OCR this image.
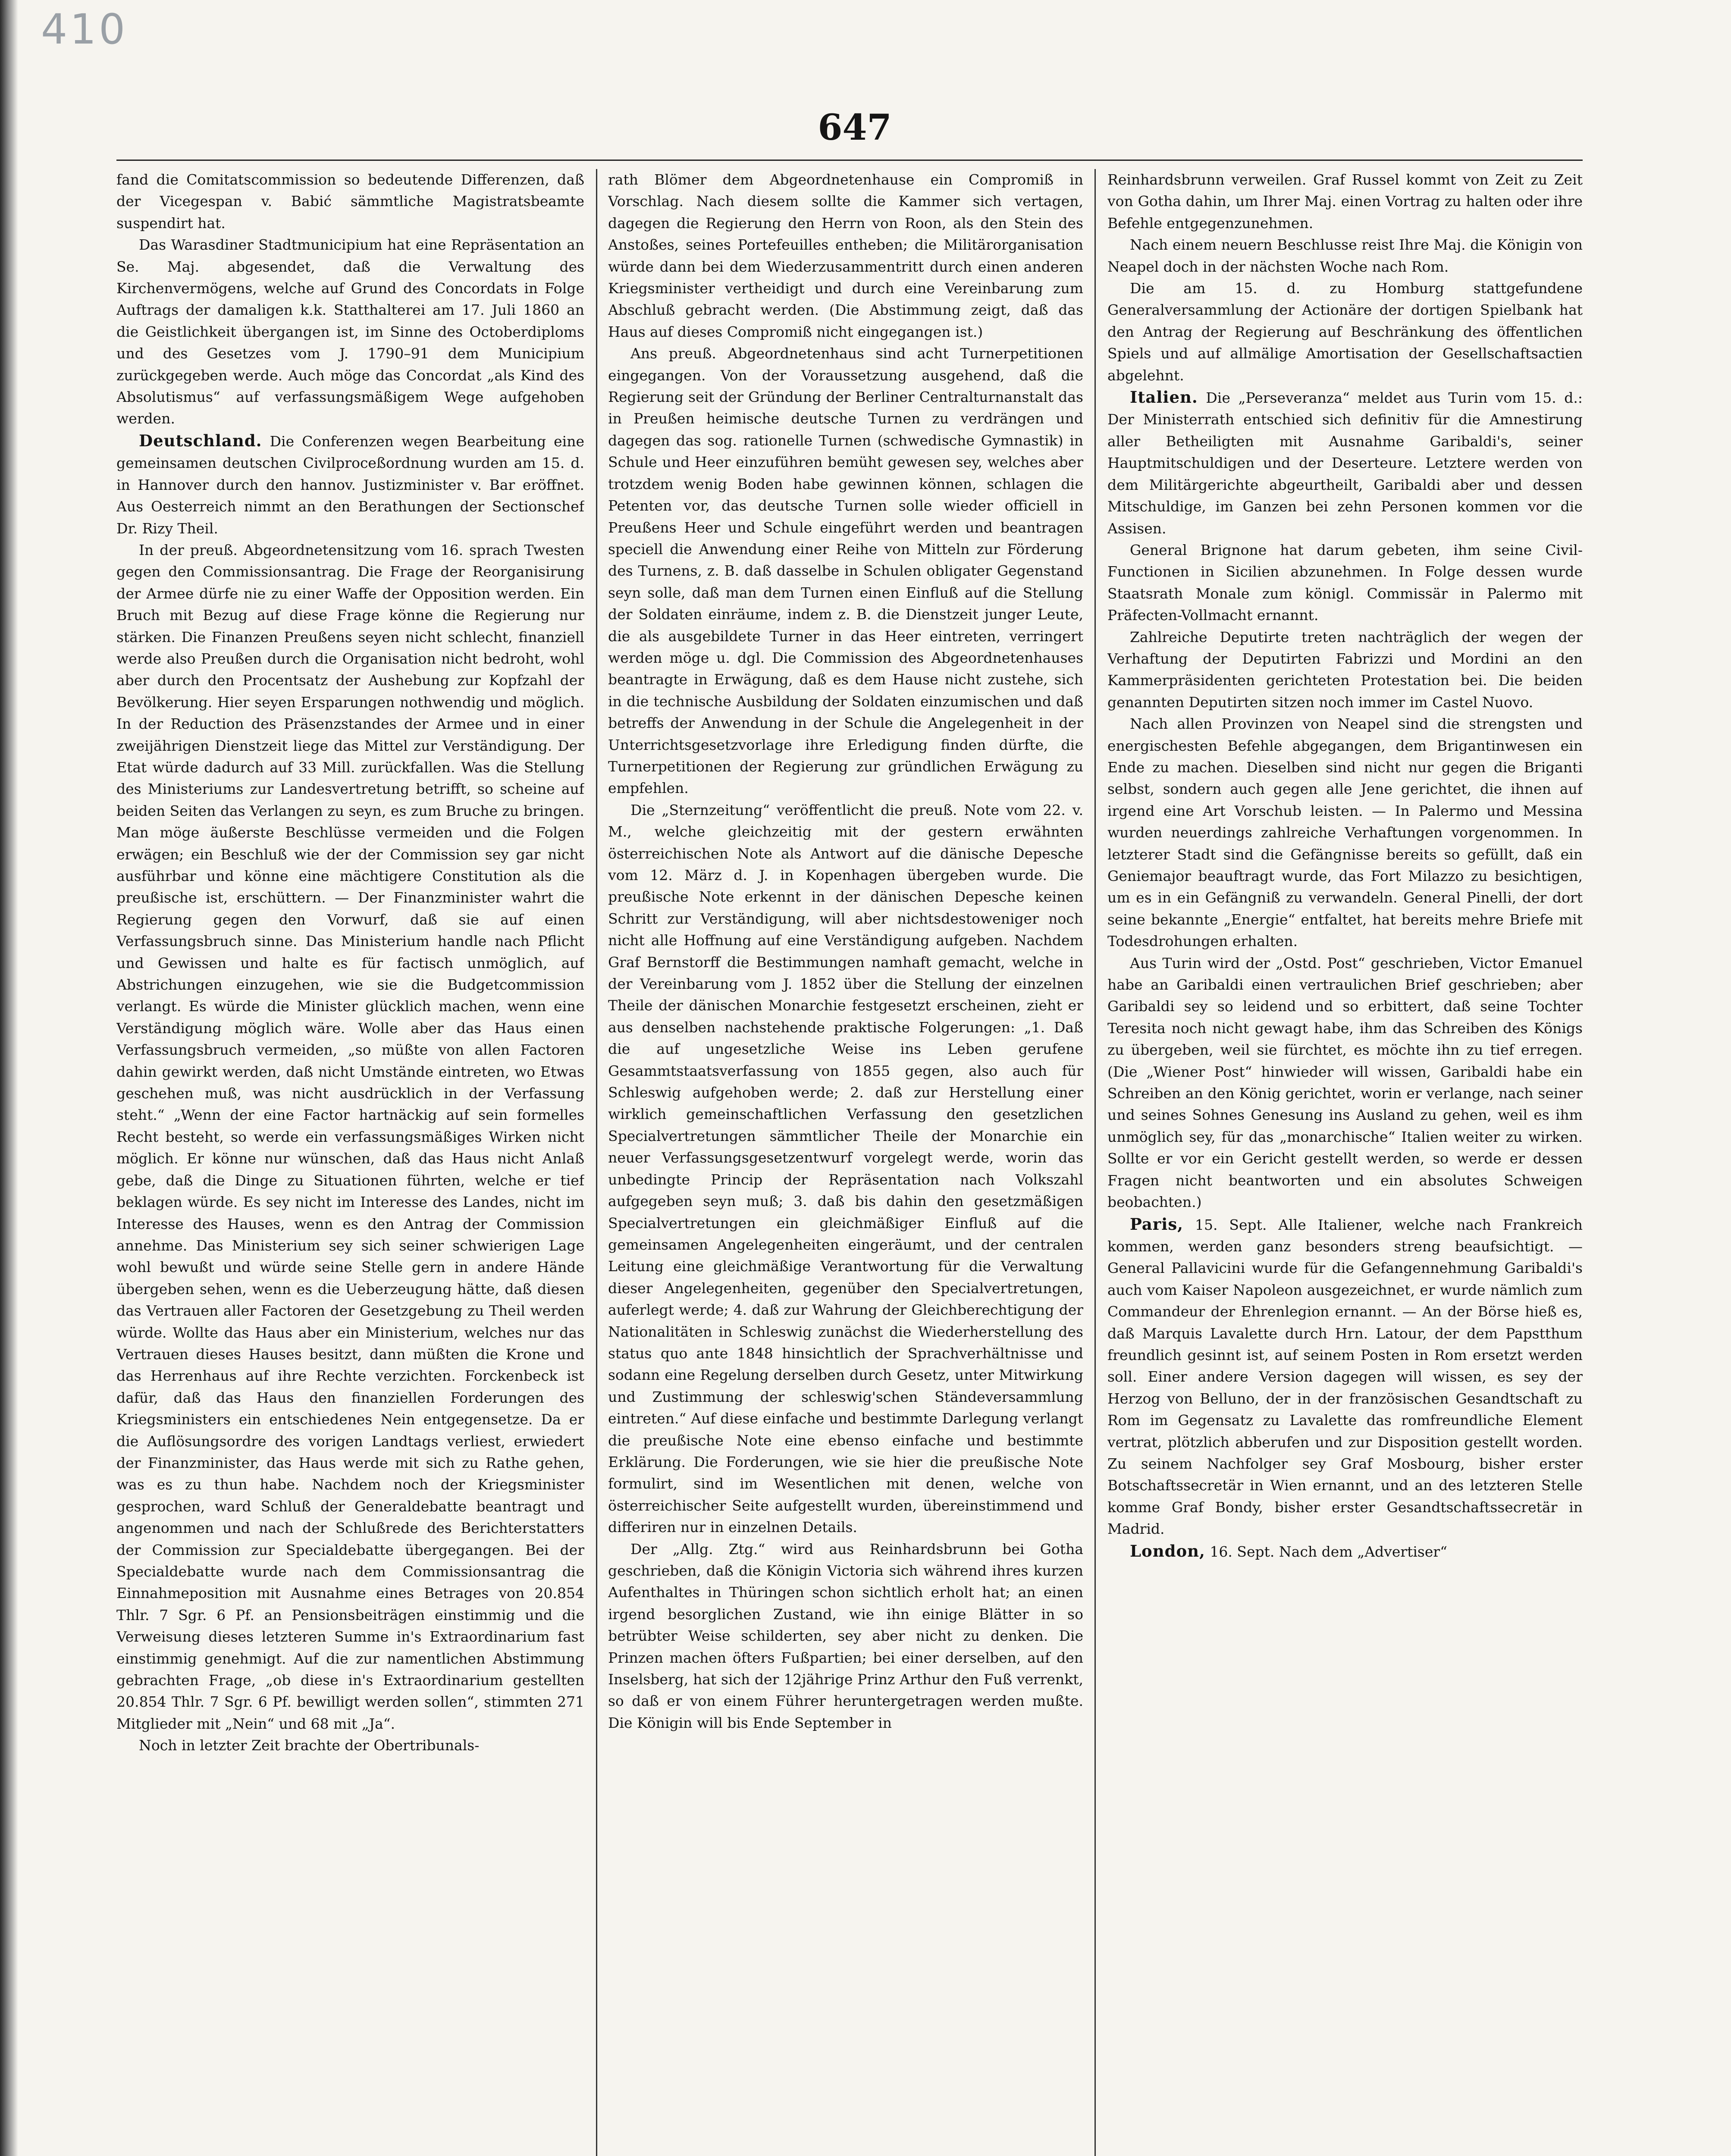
410
647

fand die Comitatscommission so bedeutende Differenzen, daß der Vicegespan v. Babić sämmtliche Magistratsbeamte suspendirt hat.

Das Warasdiner Stadtmunicipium hat eine Repräsentation an Se. Maj. abgesendet, daß die Verwaltung des Kirchenvermögens, welche auf Grund des Concordats in Folge Auftrags der damaligen k.k. Statthalterei am 17. Juli 1860 an die Geistlichkeit übergangen ist, im Sinne des Octoberdiploms und des Gesetzes vom J. 1790–91 dem Municipium zurückgegeben werde. Auch möge das Concordat „als Kind des Absolutismus“ auf verfassungsmäßigem Wege aufgehoben werden.

Deutschland. Die Conferenzen wegen Bearbeitung eine gemeinsamen deutschen Civilproceßordnung wurden am 15. d. in Hannover durch den hannov. Justizminister v. Bar eröffnet. Aus Oesterreich nimmt an den Berathungen der Sectionschef Dr. Rizy Theil.

In der preuß. Abgeordnetensitzung vom 16. sprach Twesten gegen den Commissionsantrag. Die Frage der Reorganisirung der Armee dürfe nie zu einer Waffe der Opposition werden. Ein Bruch mit Bezug auf diese Frage könne die Regierung nur stärken. Die Finanzen Preußens seyen nicht schlecht, finanziell werde also Preußen durch die Organisation nicht bedroht, wohl aber durch den Procentsatz der Aushebung zur Kopfzahl der Bevölkerung. Hier seyen Ersparungen nothwendig und möglich. In der Reduction des Präsenzstandes der Armee und in einer zweijährigen Dienstzeit liege das Mittel zur Verständigung. Der Etat würde dadurch auf 33 Mill. zurückfallen. Was die Stellung des Ministeriums zur Landesvertretung betrifft, so scheine auf beiden Seiten das Verlangen zu seyn, es zum Bruche zu bringen. Man möge äußerste Beschlüsse vermeiden und die Folgen erwägen; ein Beschluß wie der der Commission sey gar nicht ausführbar und könne eine mächtigere Constitution als die preußische ist, erschüttern. — Der Finanzminister wahrt die Regierung gegen den Vorwurf, daß sie auf einen Verfassungsbruch sinne. Das Ministerium handle nach Pflicht und Gewissen und halte es für factisch unmöglich, auf Abstrichungen einzugehen, wie sie die Budgetcommission verlangt. Es würde die Minister glücklich machen, wenn eine Verständigung möglich wäre. Wolle aber das Haus einen Verfassungsbruch vermeiden, „so müßte von allen Factoren dahin gewirkt werden, daß nicht Umstände eintreten, wo Etwas geschehen muß, was nicht ausdrücklich in der Verfassung steht.“ „Wenn der eine Factor hartnäckig auf sein formelles Recht besteht, so werde ein verfassungsmäßiges Wirken nicht möglich. Er könne nur wünschen, daß das Haus nicht Anlaß gebe, daß die Dinge zu Situationen führten, welche er tief beklagen würde. Es sey nicht im Interesse des Landes, nicht im Interesse des Hauses, wenn es den Antrag der Commission annehme. Das Ministerium sey sich seiner schwierigen Lage wohl bewußt und würde seine Stelle gern in andere Hände übergeben sehen, wenn es die Ueberzeugung hätte, daß diesen das Vertrauen aller Factoren der Gesetzgebung zu Theil werden würde. Wollte das Haus aber ein Ministerium, welches nur das Vertrauen dieses Hauses besitzt, dann müßten die Krone und das Herrenhaus auf ihre Rechte verzichten. Forckenbeck ist dafür, daß das Haus den finanziellen Forderungen des Kriegsministers ein entschiedenes Nein entgegensetze. Da er die Auflösungsordre des vorigen Landtags verliest, erwiedert der Finanzminister, das Haus werde mit sich zu Rathe gehen, was es zu thun habe. Nachdem noch der Kriegsminister gesprochen, ward Schluß der Generaldebatte beantragt und angenommen und nach der Schlußrede des Berichterstatters der Commission zur Specialdebatte übergegangen. Bei der Specialdebatte wurde nach dem Commissionsantrag die Einnahmeposition mit Ausnahme eines Betrages von 20.854 Thlr. 7 Sgr. 6 Pf. an Pensionsbeiträgen einstimmig und die Verweisung dieses letzteren Summe in's Extraordinarium fast einstimmig genehmigt. Auf die zur namentlichen Abstimmung gebrachten Frage, „ob diese in's Extraordinarium gestellten 20.854 Thlr. 7 Sgr. 6 Pf. bewilligt werden sollen“, stimmten 271 Mitglieder mit „Nein“ und 68 mit „Ja“.

Noch in letzter Zeit brachte der Obertribunals-

rath Blömer dem Abgeordnetenhause ein Compromiß in Vorschlag. Nach diesem sollte die Kammer sich vertagen, dagegen die Regierung den Herrn von Roon, als den Stein des Anstoßes, seines Portefeuilles entheben; die Militärorganisation würde dann bei dem Wiederzusammentritt durch einen anderen Kriegsminister vertheidigt und durch eine Vereinbarung zum Abschluß gebracht werden. (Die Abstimmung zeigt, daß das Haus auf dieses Compromiß nicht eingegangen ist.)

Ans preuß. Abgeordnetenhaus sind acht Turnerpetitionen eingegangen. Von der Voraussetzung ausgehend, daß die Regierung seit der Gründung der Berliner Centralturnanstalt das in Preußen heimische deutsche Turnen zu verdrängen und dagegen das sog. rationelle Turnen (schwedische Gymnastik) in Schule und Heer einzuführen bemüht gewesen sey, welches aber trotzdem wenig Boden habe gewinnen können, schlagen die Petenten vor, das deutsche Turnen solle wieder officiell in Preußens Heer und Schule eingeführt werden und beantragen speciell die Anwendung einer Reihe von Mitteln zur Förderung des Turnens, z. B. daß dasselbe in Schulen obligater Gegenstand seyn solle, daß man dem Turnen einen Einfluß auf die Stellung der Soldaten einräume, indem z. B. die Dienstzeit junger Leute, die als ausgebildete Turner in das Heer eintreten, verringert werden möge u. dgl. Die Commission des Abgeordnetenhauses beantragte in Erwägung, daß es dem Hause nicht zustehe, sich in die technische Ausbildung der Soldaten einzumischen und daß betreffs der Anwendung in der Schule die Angelegenheit in der Unterrichtsgesetzvorlage ihre Erledigung finden dürfte, die Turnerpetitionen der Regierung zur gründlichen Erwägung zu empfehlen.

Die „Sternzeitung“ veröffentlicht die preuß. Note vom 22. v. M., welche gleichzeitig mit der gestern erwähnten österreichischen Note als Antwort auf die dänische Depesche vom 12. März d. J. in Kopenhagen übergeben wurde. Die preußische Note erkennt in der dänischen Depesche keinen Schritt zur Verständigung, will aber nichtsdestoweniger noch nicht alle Hoffnung auf eine Verständigung aufgeben. Nachdem Graf Bernstorff die Bestimmungen namhaft gemacht, welche in der Vereinbarung vom J. 1852 über die Stellung der einzelnen Theile der dänischen Monarchie festgesetzt erscheinen, zieht er aus denselben nachstehende praktische Folgerungen: „1. Daß die auf ungesetzliche Weise ins Leben gerufene Gesammtstaatsverfassung von 1855 gegen, also auch für Schleswig aufgehoben werde; 2. daß zur Herstellung einer wirklich gemeinschaftlichen Verfassung den gesetzlichen Specialvertretungen sämmtlicher Theile der Monarchie ein neuer Verfassungsgesetzentwurf vorgelegt werde, worin das unbedingte Princip der Repräsentation nach Volkszahl aufgegeben seyn muß; 3. daß bis dahin den gesetzmäßigen Specialvertretungen ein gleichmäßiger Einfluß auf die gemeinsamen Angelegenheiten eingeräumt, und der centralen Leitung eine gleichmäßige Verantwortung für die Verwaltung dieser Angelegenheiten, gegenüber den Specialvertretungen, auferlegt werde; 4. daß zur Wahrung der Gleichberechtigung der Nationalitäten in Schleswig zunächst die Wiederherstellung des status quo ante 1848 hinsichtlich der Sprachverhältnisse und sodann eine Regelung derselben durch Gesetz, unter Mitwirkung und Zustimmung der schleswig'schen Ständeversammlung eintreten.“ Auf diese einfache und bestimmte Darlegung verlangt die preußische Note eine ebenso einfache und bestimmte Erklärung. Die Forderungen, wie sie hier die preußische Note formulirt, sind im Wesentlichen mit denen, welche von österreichischer Seite aufgestellt wurden, übereinstimmend und differiren nur in einzelnen Details.

Der „Allg. Ztg.“ wird aus Reinhardsbrunn bei Gotha geschrieben, daß die Königin Victoria sich während ihres kurzen Aufenthaltes in Thüringen schon sichtlich erholt hat; an einen irgend besorglichen Zustand, wie ihn einige Blätter in so betrübter Weise schilderten, sey aber nicht zu denken. Die Prinzen machen öfters Fußpartien; bei einer derselben, auf den Inselsberg, hat sich der 12jährige Prinz Arthur den Fuß verrenkt, so daß er von einem Führer heruntergetragen werden mußte. Die Königin will bis Ende September in

Reinhardsbrunn verweilen. Graf Russel kommt von Zeit zu Zeit von Gotha dahin, um Ihrer Maj. einen Vortrag zu halten oder ihre Befehle entgegenzunehmen.

Nach einem neuern Beschlusse reist Ihre Maj. die Königin von Neapel doch in der nächsten Woche nach Rom.

Die am 15. d. zu Homburg stattgefundene Generalversammlung der Actionäre der dortigen Spielbank hat den Antrag der Regierung auf Beschränkung des öffentlichen Spiels und auf allmälige Amortisation der Gesellschaftsactien abgelehnt.

Italien. Die „Perseveranza“ meldet aus Turin vom 15. d.: Der Ministerrath entschied sich definitiv für die Amnestirung aller Betheiligten mit Ausnahme Garibaldi's, seiner Hauptmitschuldigen und der Deserteure. Letztere werden von dem Militärgerichte abgeurtheilt, Garibaldi aber und dessen Mitschuldige, im Ganzen bei zehn Personen kommen vor die Assisen.

General Brignone hat darum gebeten, ihm seine Civil-Functionen in Sicilien abzunehmen. In Folge dessen wurde Staatsrath Monale zum königl. Commissär in Palermo mit Präfecten-Vollmacht ernannt.

Zahlreiche Deputirte treten nachträglich der wegen der Verhaftung der Deputirten Fabrizzi und Mordini an den Kammerpräsidenten gerichteten Protestation bei. Die beiden genannten Deputirten sitzen noch immer im Castel Nuovo.

Nach allen Provinzen von Neapel sind die strengsten und energischesten Befehle abgegangen, dem Brigantinwesen ein Ende zu machen. Dieselben sind nicht nur gegen die Briganti selbst, sondern auch gegen alle Jene gerichtet, die ihnen auf irgend eine Art Vorschub leisten. — In Palermo und Messina wurden neuerdings zahlreiche Verhaftungen vorgenommen. In letzterer Stadt sind die Gefängnisse bereits so gefüllt, daß ein Geniemajor beauftragt wurde, das Fort Milazzo zu besichtigen, um es in ein Gefängniß zu verwandeln. General Pinelli, der dort seine bekannte „Energie“ entfaltet, hat bereits mehre Briefe mit Todesdrohungen erhalten.

Aus Turin wird der „Ostd. Post“ geschrieben, Victor Emanuel habe an Garibaldi einen vertraulichen Brief geschrieben; aber Garibaldi sey so leidend und so erbittert, daß seine Tochter Teresita noch nicht gewagt habe, ihm das Schreiben des Königs zu übergeben, weil sie fürchtet, es möchte ihn zu tief erregen. (Die „Wiener Post“ hinwieder will wissen, Garibaldi habe ein Schreiben an den König gerichtet, worin er verlange, nach seiner und seines Sohnes Genesung ins Ausland zu gehen, weil es ihm unmöglich sey, für das „monarchische“ Italien weiter zu wirken. Sollte er vor ein Gericht gestellt werden, so werde er dessen Fragen nicht beantworten und ein absolutes Schweigen beobachten.)

Paris, 15. Sept. Alle Italiener, welche nach Frankreich kommen, werden ganz besonders streng beaufsichtigt. — General Pallavicini wurde für die Gefangennehmung Garibaldi's auch vom Kaiser Napoleon ausgezeichnet, er wurde nämlich zum Commandeur der Ehrenlegion ernannt. — An der Börse hieß es, daß Marquis Lavalette durch Hrn. Latour, der dem Papstthum freundlich gesinnt ist, auf seinem Posten in Rom ersetzt werden soll. Einer andere Version dagegen will wissen, es sey der Herzog von Belluno, der in der französischen Gesandtschaft zu Rom im Gegensatz zu Lavalette das romfreundliche Element vertrat, plötzlich abberufen und zur Disposition gestellt worden. Zu seinem Nachfolger sey Graf Mosbourg, bisher erster Botschaftssecretär in Wien ernannt, und an des letzteren Stelle komme Graf Bondy, bisher erster Gesandtschaftssecretär in Madrid.

London, 16. Sept. Nach dem „Advertiser“
